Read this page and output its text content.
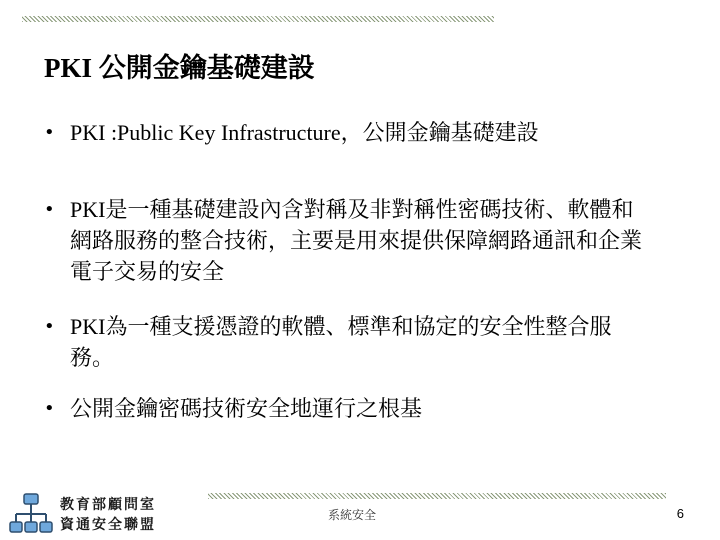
PKI 公開金鑰基礎建設
• PKI :Public Key Infrastructure，公開金鑰基礎建設

• PKI是一種基礎建設內含對稱及非對稱性密碼技術、軟體和網路服務的整合技術，主要是用來提供保障網路通訊和企業電子交易的安全

• PKI為一種支援憑證的軟體、標準和協定的安全性整合服務。

• 公開金鑰密碼技術安全地運行之根基

教育部顧問室
資通安全聯盟
系統安全	6
